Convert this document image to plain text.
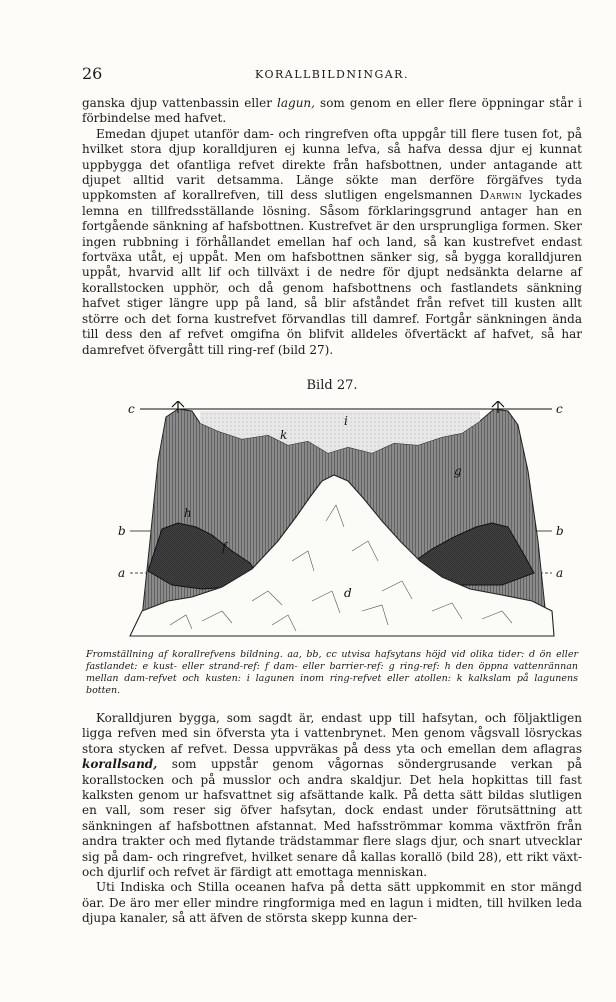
26	KORALLBILDNINGAR.

ganska djup vattenbassin eller lagun, som genom en eller flere öppningar står i förbindelse med hafvet.

Emedan djupet utanför dam- och ringrefven ofta uppgår till flere tusen fot, på hvilket stora djup koralldjuren ej kunna lefva, så hafva dessa djur ej kunnat uppbygga det ofantliga refvet direkte från hafsbottnen, under antagande att djupet alltid varit detsamma. Länge sökte man derföre förgäfves tyda uppkomsten af korallrefven, till dess slutligen engelsmannen Darwin lyckades lemna en tillfredsställande lösning. Såsom förklaringsgrund antager han en fortgående sänkning af hafsbottnen. Kustrefvet är den ursprungliga formen. Sker ingen rubbning i förhållandet emellan haf och land, så kan kustrefvet endast fortväxa utåt, ej uppåt. Men om hafsbottnen sänker sig, så bygga koralldjuren uppåt, hvarvid allt lif och tillväxt i de nedre för djupt nedsänkta delarne af korallstocken upphör, och då genom hafsbottnens och fastlandets sänkning hafvet stiger längre upp på land, så blir afståndet från refvet till kusten allt större och det forna kustrefvet förvandlas till damref. Fortgår sänkningen ända till dess den af refvet omgifna ön blifvit alldeles öfvertäckt af hafvet, så har damrefvet öfvergått till ring-ref (bild 27).

Bild 27.
c	c
b	b
a	a
i
k
g
f
h
d
Fromställning af korallrefvens bildning. aa, bb, cc utvisa hafsytans höjd vid olika tider: d ön eller fastlandet: e kust- eller strand-ref: f dam- eller barrier-ref: g ring-ref: h den öppna vattenrännan mellan dam-refvet och kusten: i lagunen inom ring-refvet eller atollen: k kalkslam på lagunens botten.

Koralldjuren bygga, som sagdt är, endast upp till hafsytan, och följaktligen ligga refven med sin öfversta yta i vattenbrynet. Men genom vågsvall lösryckas stora stycken af refvet. Dessa uppvräkas på dess yta och emellan dem aflagras korallsand, som uppstår genom vågornas söndergrusande verkan på korallstocken och på musslor och andra skaldjur. Det hela hopkittas till fast kalksten genom ur hafsvattnet sig afsättande kalk. På detta sätt bildas slutligen en vall, som reser sig öfver hafsytan, dock endast under förutsättning att sänkningen af hafsbottnen afstannat. Med hafsströmmar komma växtfrön från andra trakter och med flytande trädstammar flere slags djur, och snart utvecklar sig på dam- och ringrefvet, hvilket senare då kallas korallö (bild 28), ett rikt växt- och djurlif och refvet är färdigt att emottaga menniskan.

Uti Indiska och Stilla oceanen hafva på detta sätt uppkommit en stor mängd öar. De äro mer eller mindre ringformiga med en lagun i midten, till hvilken leda djupa kanaler, så att äfven de största skepp kunna der-
